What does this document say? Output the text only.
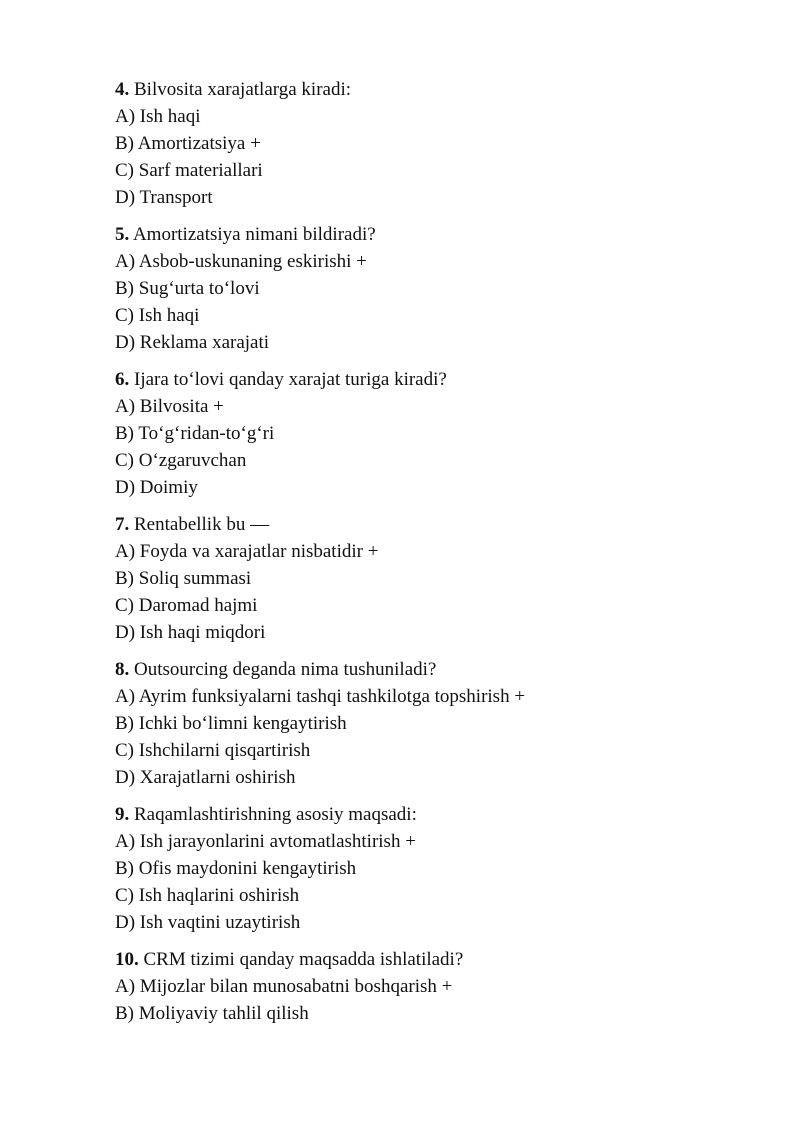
4. Bilvosita xarajatlarga kiradi:
A) Ish haqi
B) Amortizatsiya +
C) Sarf materiallari
D) Transport
5. Amortizatsiya nimani bildiradi?
A) Asbob-uskunaning eskirishi +
B) Sug‘urta to‘lovi
C) Ish haqi
D) Reklama xarajati
6. Ijara to‘lovi qanday xarajat turiga kiradi?
A) Bilvosita +
B) To‘g‘ridan-to‘g‘ri
C) O‘zgaruvchan
D) Doimiy
7. Rentabellik bu —
A) Foyda va xarajatlar nisbatidir +
B) Soliq summasi
C) Daromad hajmi
D) Ish haqi miqdori
8. Outsourcing deganda nima tushuniladi?
A) Ayrim funksiyalarni tashqi tashkilotga topshirish +
B) Ichki bo‘limni kengaytirish
C) Ishchilarni qisqartirish
D) Xarajatlarni oshirish
9. Raqamlashtirishning asosiy maqsadi:
A) Ish jarayonlarini avtomatlashtirish +
B) Ofis maydonini kengaytirish
C) Ish haqlarini oshirish
D) Ish vaqtini uzaytirish
10. CRM tizimi qanday maqsadda ishlatiladi?
A) Mijozlar bilan munosabatni boshqarish +
B) Moliyaviy tahlil qilish
